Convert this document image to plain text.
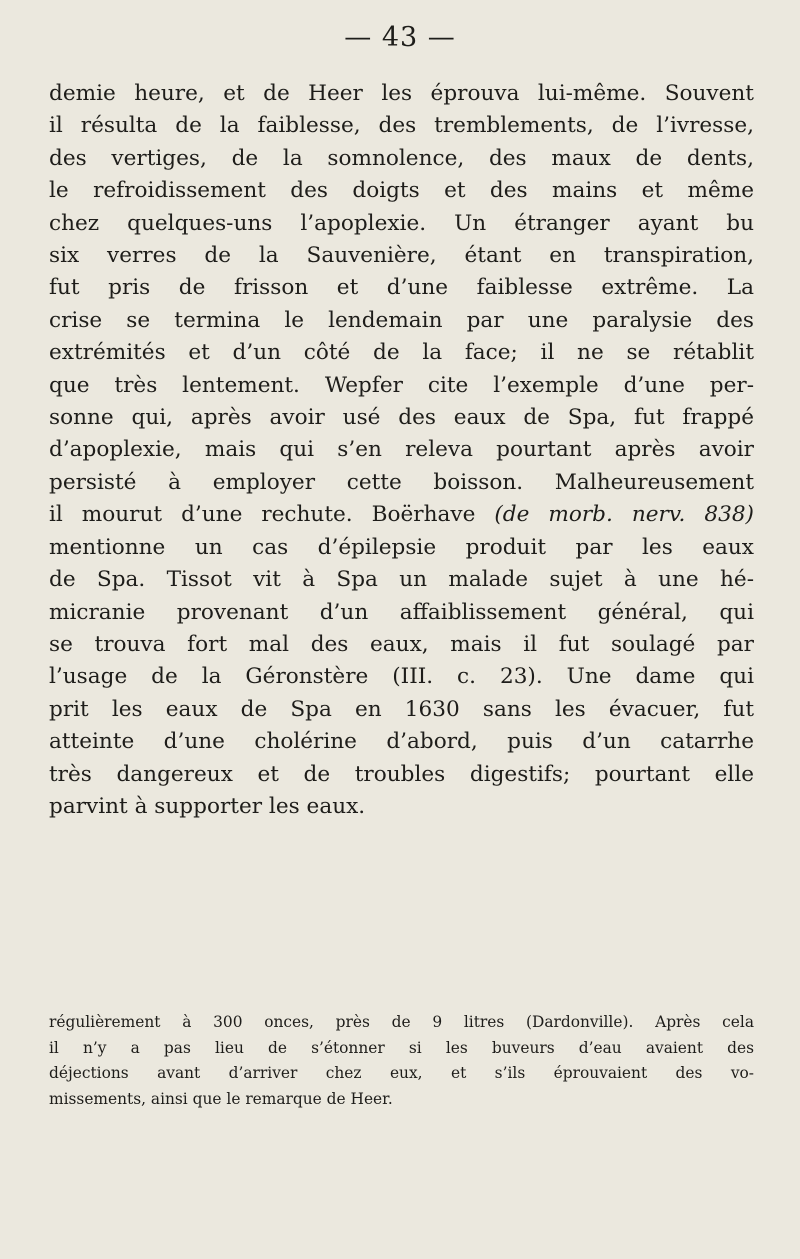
— 43 —
demie heure, et de Heer les éprouva lui-même. Souvent
il résulta de la faiblesse, des tremblements, de l’ivresse,
des vertiges, de la somnolence, des maux de dents,
le refroidissement des doigts et des mains et même
chez quelques-uns l’apoplexie. Un étranger ayant bu
six verres de la Sauvenière, étant en transpiration,
fut pris de frisson et d’une faiblesse extrême. La
crise se termina le lendemain par une paralysie des
extrémités et d’un côté de la face; il ne se rétablit
que très lentement. Wepfer cite l’exemple d’une per-
sonne qui, après avoir usé des eaux de Spa, fut frappé
d’apoplexie, mais qui s’en releva pourtant après avoir
persisté à employer cette boisson. Malheureusement
il mourut d’une rechute. Boërhave (de morb. nerv. 838)
mentionne un cas d’épilepsie produit par les eaux
de Spa. Tissot vit à Spa un malade sujet à une hé-
micranie provenant d’un affaiblissement général, qui
se trouva fort mal des eaux, mais il fut soulagé par
l’usage de la Géronstère (III. c. 23). Une dame qui
prit les eaux de Spa en 1630 sans les évacuer, fut
atteinte d’une cholérine d’abord, puis d’un catarrhe
très dangereux et de troubles digestifs; pourtant elle
parvint à supporter les eaux.
régulièrement à 300 onces, près de 9 litres (Dardonville). Après cela
il n’y a pas lieu de s’étonner si les buveurs d’eau avaient des
déjections avant d’arriver chez eux, et s’ils éprouvaient des vo-
missements, ainsi que le remarque de Heer.
